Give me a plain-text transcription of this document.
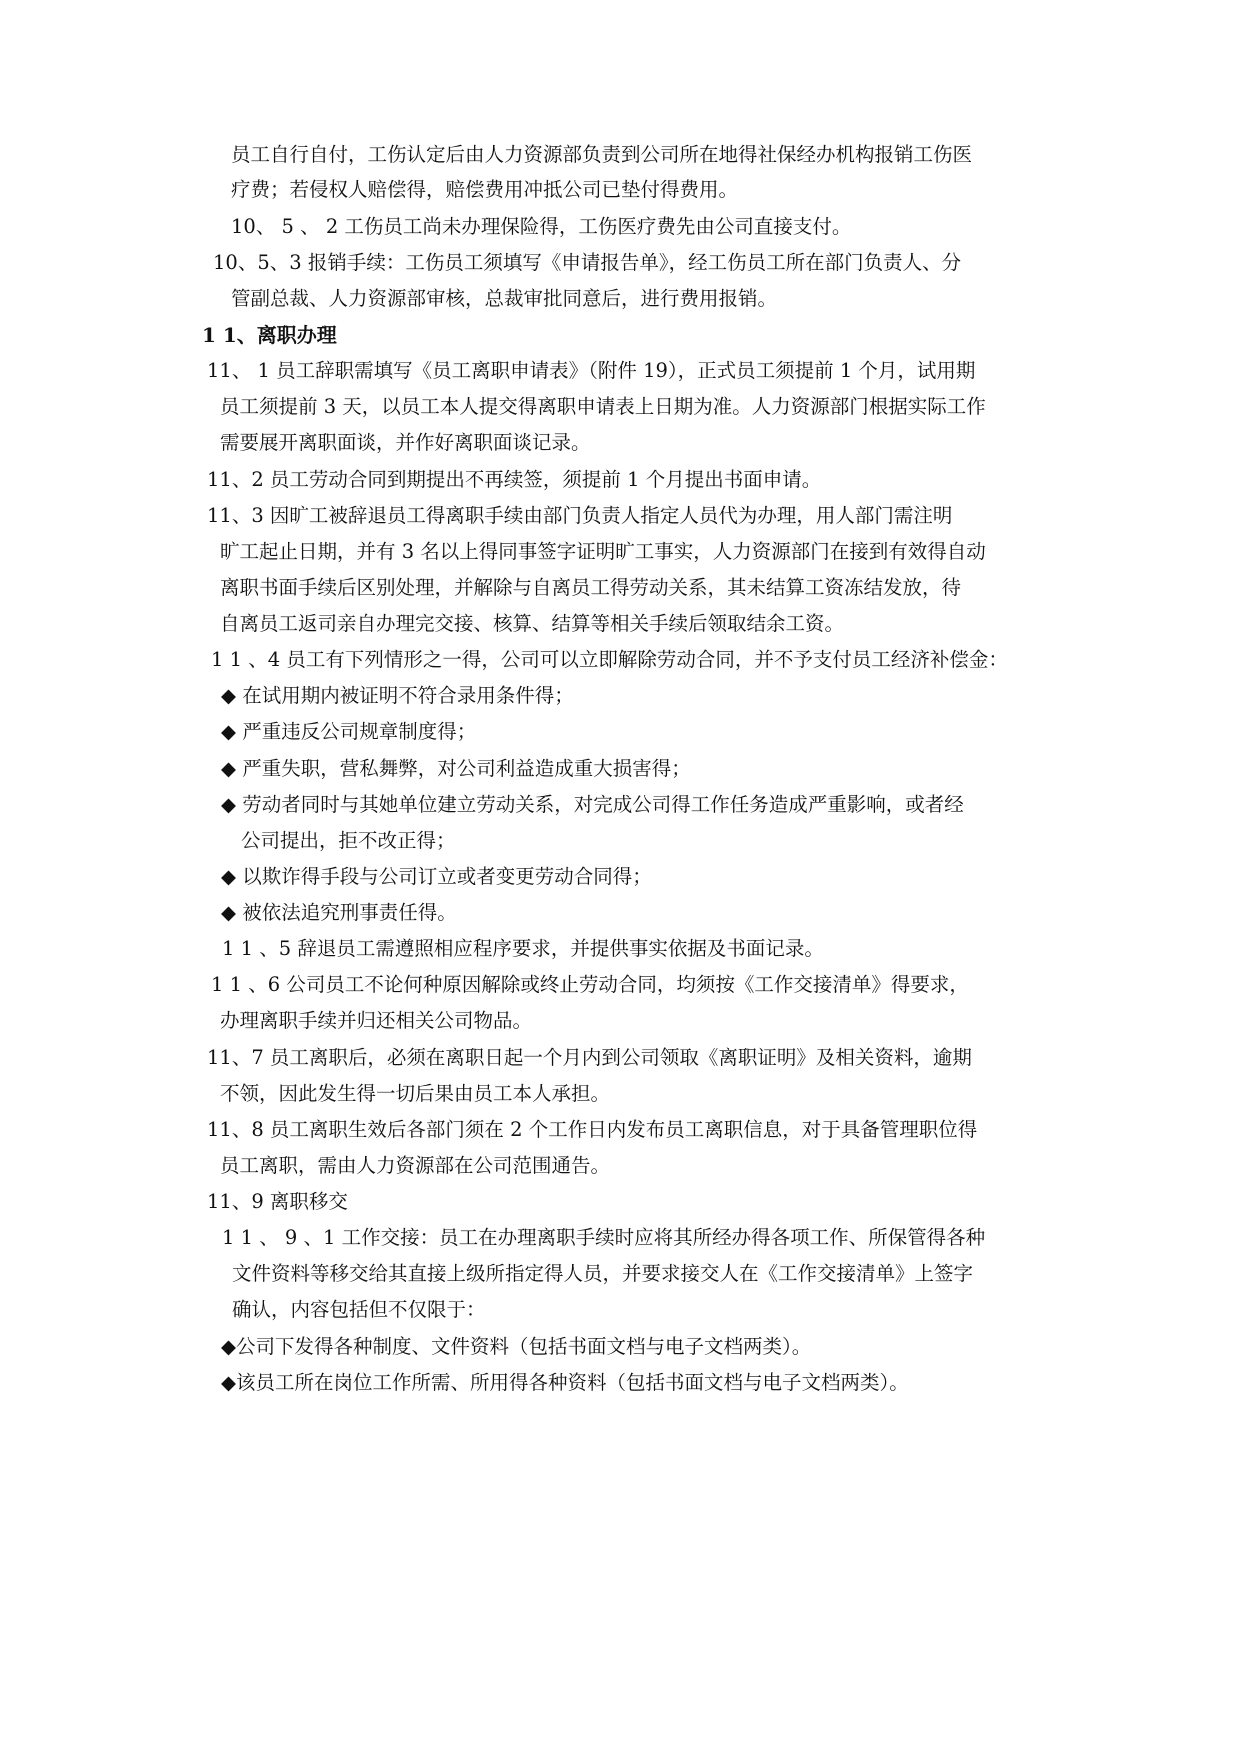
员工自行自付，工伤认定后由人力资源部负责到公司所在地得社保经办机构报销工伤医
疗费；若侵权人赔偿得，赔偿费用冲抵公司已垫付得费用。
10、 5 、 2 工伤员工尚未办理保险得，工伤医疗费先由公司直接支付。
10、5、3 报销手续：工伤员工须填写《申请报告单》，经工伤员工所在部门负责人、分
管副总裁、人力资源部审核，总裁审批同意后，进行费用报销。
1 1、离职办理
11、 1 员工辞职需填写《员工离职申请表》（附件 19），正式员工须提前 1 个月，试用期
员工须提前 3 天，以员工本人提交得离职申请表上日期为准。人力资源部门根据实际工作
需要展开离职面谈，并作好离职面谈记录。
11、2 员工劳动合同到期提出不再续签，须提前 1 个月提出书面申请。
11、3 因旷工被辞退员工得离职手续由部门负责人指定人员代为办理，用人部门需注明
旷工起止日期，并有 3 名以上得同事签字证明旷工事实，人力资源部门在接到有效得自动
离职书面手续后区别处理，并解除与自离员工得劳动关系，其未结算工资冻结发放，待
自离员工返司亲自办理完交接、核算、结算等相关手续后领取结余工资。
1 1 、4 员工有下列情形之一得，公司可以立即解除劳动合同，并不予支付员工经济补偿金：
◆ 在试用期内被证明不符合录用条件得；
◆ 严重违反公司规章制度得；
◆ 严重失职，营私舞弊，对公司利益造成重大损害得；
◆ 劳动者同时与其她单位建立劳动关系，对完成公司得工作任务造成严重影响，或者经
公司提出，拒不改正得；
◆ 以欺诈得手段与公司订立或者变更劳动合同得；
◆ 被依法追究刑事责任得。
1 1 、5 辞退员工需遵照相应程序要求，并提供事实依据及书面记录。
1 1 、6 公司员工不论何种原因解除或终止劳动合同，均须按《工作交接清单》得要求，
办理离职手续并归还相关公司物品。
11、7 员工离职后，必须在离职日起一个月内到公司领取《离职证明》及相关资料，逾期
不领，因此发生得一切后果由员工本人承担。
11、8 员工离职生效后各部门须在 2 个工作日内发布员工离职信息，对于具备管理职位得
员工离职，需由人力资源部在公司范围通告。
11、9 离职移交
1 1 、 9 、1 工作交接：员工在办理离职手续时应将其所经办得各项工作、所保管得各种
文件资料等移交给其直接上级所指定得人员，并要求接交人在《工作交接清单》上签字
确认，内容包括但不仅限于：
◆公司下发得各种制度、文件资料（包括书面文档与电子文档两类）。
◆该员工所在岗位工作所需、所用得各种资料（包括书面文档与电子文档两类）。
